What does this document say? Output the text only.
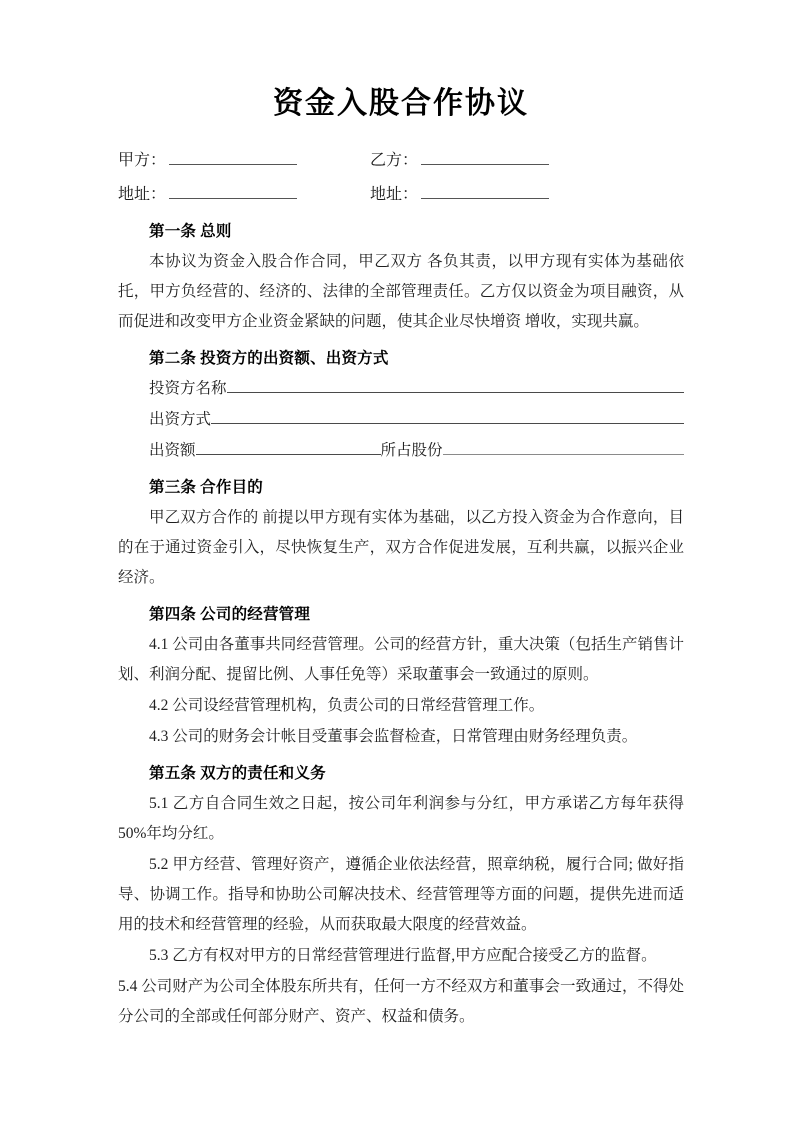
资金入股合作协议
甲方：	乙方：
地址：	地址：
第一条 总则

本协议为资金入股合作合同，甲乙双方 各负其责，以甲方现有实体为基础依托，甲方负经营的、经济的、法律的全部管理责任。乙方仅以资金为项目融资，从而促进和改变甲方企业资金紧缺的问题，使其企业尽快增资 增收，实现共赢。

第二条 投资方的出资额、出资方式
投资方名称
出资方式
出资额	所占股份
第三条 合作目的

甲乙双方合作的 前提以甲方现有实体为基础，以乙方投入资金为合作意向，目的在于通过资金引入，尽快恢复生产，双方合作促进发展，互利共赢，以振兴企业经济。

第四条 公司的经营管理

4.1 公司由各董事共同经营管理。公司的经营方针，重大决策（包括生产销售计划、利润分配、提留比例、人事任免等）采取董事会一致通过的原则。

4.2 公司设经营管理机构，负责公司的日常经营管理工作。

4.3 公司的财务会计帐目受董事会监督检查，日常管理由财务经理负责。

第五条 双方的责任和义务

5.1 乙方自合同生效之日起，按公司年利润参与分红，甲方承诺乙方每年获得 50%年均分红。

5.2 甲方经营、管理好资产，遵循企业依法经营，照章纳税，履行合同; 做好指导、协调工作。指导和协助公司解决技术、经营管理等方面的问题，提供先进而适用的技术和经营管理的经验，从而获取最大限度的经营效益。

5.3 乙方有权对甲方的日常经营管理进行监督,甲方应配合接受乙方的监督。

5.4 公司财产为公司全体股东所共有，任何一方不经双方和董事会一致通过，不得处分公司的全部或任何部分财产、资产、权益和债务。
